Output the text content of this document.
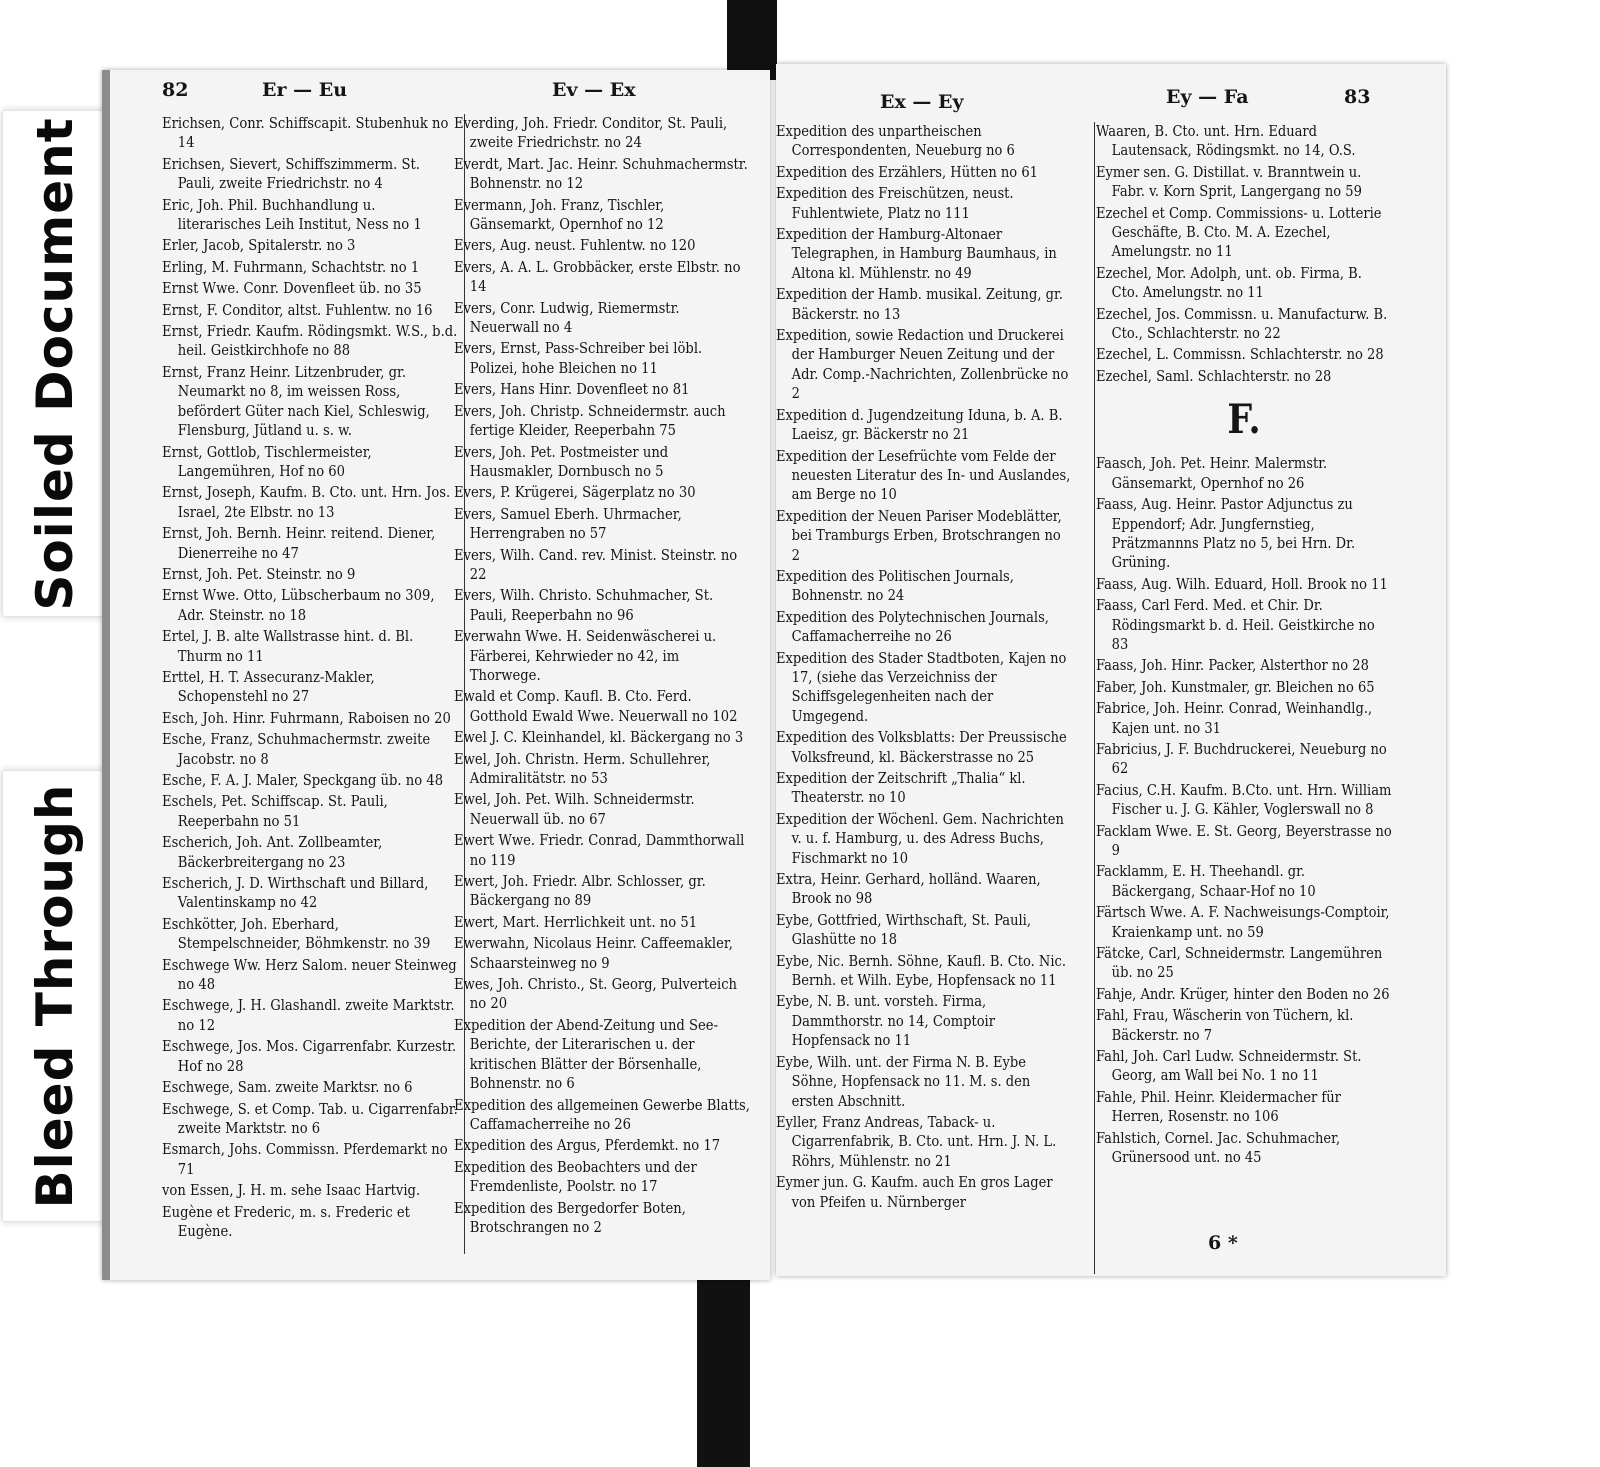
Soiled Document
Bleed Through
82	Er — Eu	Ev — Ex
Erichsen, Conr. Schiffscapit. Stubenhuk no 14
Erichsen, Sievert, Schiffszimmerm. St. Pauli, zweite Friedrichstr. no 4
Eric, Joh. Phil. Buchhandlung u. literarisches Leih Institut, Ness no 1
Erler, Jacob, Spitalerstr. no 3
Erling, M. Fuhrmann, Schachtstr. no 1
Ernst Wwe. Conr. Dovenfleet üb. no 35
Ernst, F. Conditor, altst. Fuhlentw. no 16
Ernst, Friedr. Kaufm. Rödingsmkt. W.S., b.d. heil. Geistkirchhofe no 88
Ernst, Franz Heinr. Litzenbruder, gr. Neumarkt no 8, im weissen Ross, befördert Güter nach Kiel, Schleswig, Flensburg, Jütland u. s. w.
Ernst, Gottlob, Tischlermeister, Langemühren, Hof no 60
Ernst, Joseph, Kaufm. B. Cto. unt. Hrn. Jos. Israel, 2te Elbstr. no 13
Ernst, Joh. Bernh. Heinr. reitend. Diener, Dienerreihe no 47
Ernst, Joh. Pet. Steinstr. no 9
Ernst Wwe. Otto, Lübscherbaum no 309, Adr. Steinstr. no 18
Ertel, J. B. alte Wallstrasse hint. d. Bl. Thurm no 11
Erttel, H. T. Assecuranz-Makler, Schopenstehl no 27
Esch, Joh. Hinr. Fuhrmann, Raboisen no 20
Esche, Franz, Schuhmachermstr. zweite Jacobstr. no 8
Esche, F. A. J. Maler, Speckgang üb. no 48
Eschels, Pet. Schiffscap. St. Pauli, Reeperbahn no 51
Escherich, Joh. Ant. Zollbeamter, Bäckerbreitergang no 23
Escherich, J. D. Wirthschaft und Billard, Valentinskamp no 42
Eschkötter, Joh. Eberhard, Stempelschneider, Böhmkenstr. no 39
Eschwege Ww. Herz Salom. neuer Steinweg no 48
Eschwege, J. H. Glashandl. zweite Marktstr. no 12
Eschwege, Jos. Mos. Cigarrenfabr. Kurzestr. Hof no 28
Eschwege, Sam. zweite Marktsr. no 6
Eschwege, S. et Comp. Tab. u. Cigarrenfabr. zweite Marktstr. no 6
Esmarch, Johs. Commissn. Pferdemarkt no 71
von Essen, J. H. m. sehe Isaac Hartvig.
Eugène et Frederic, m. s. Frederic et Eugène.
Everding, Joh. Friedr. Conditor, St. Pauli, zweite Friedrichstr. no 24
Everdt, Mart. Jac. Heinr. Schuhmachermstr. Bohnenstr. no 12
Evermann, Joh. Franz, Tischler, Gänsemarkt, Opernhof no 12
Evers, Aug. neust. Fuhlentw. no 120
Evers, A. A. L. Grobbäcker, erste Elbstr. no 14
Evers, Conr. Ludwig, Riemermstr. Neuerwall no 4
Evers, Ernst, Pass-Schreiber bei löbl. Polizei, hohe Bleichen no 11
Evers, Hans Hinr. Dovenfleet no 81
Evers, Joh. Christp. Schneidermstr. auch fertige Kleider, Reeperbahn 75
Evers, Joh. Pet. Postmeister und Hausmakler, Dornbusch no 5
Evers, P. Krügerei, Sägerplatz no 30
Evers, Samuel Eberh. Uhrmacher, Herrengraben no 57
Evers, Wilh. Cand. rev. Minist. Steinstr. no 22
Evers, Wilh. Christo. Schuhmacher, St. Pauli, Reeperbahn no 96
Everwahn Wwe. H. Seidenwäscherei u. Färberei, Kehrwieder no 42, im Thorwege.
Ewald et Comp. Kaufl. B. Cto. Ferd. Gotthold Ewald Wwe. Neuerwall no 102
Ewel J. C. Kleinhandel, kl. Bäckergang no 3
Ewel, Joh. Christn. Herm. Schullehrer, Admiralitätstr. no 53
Ewel, Joh. Pet. Wilh. Schneidermstr. Neuerwall üb. no 67
Ewert Wwe. Friedr. Conrad, Dammthorwall no 119
Ewert, Joh. Friedr. Albr. Schlosser, gr. Bäckergang no 89
Ewert, Mart. Herrlichkeit unt. no 51
Ewerwahn, Nicolaus Heinr. Caffeemakler, Schaarsteinweg no 9
Ewes, Joh. Christo., St. Georg, Pulverteich no 20
Expedition der Abend-Zeitung und See-Berichte, der Literarischen u. der kritischen Blätter der Börsenhalle, Bohnenstr. no 6
Expedition des allgemeinen Gewerbe Blatts, Caffamacherreihe no 26
Expedition des Argus, Pferdemkt. no 17
Expedition des Beobachters und der Fremdenliste, Poolstr. no 17
Expedition des Bergedorfer Boten, Brotschrangen no 2
Ex — Ey	Ey — Fa	83
Expedition des unpartheischen Correspondenten, Neueburg no 6
Expedition des Erzählers, Hütten no 61
Expedition des Freischützen, neust. Fuhlentwiete, Platz no 111
Expedition der Hamburg-Altonaer Telegraphen, in Hamburg Baumhaus, in Altona kl. Mühlenstr. no 49
Expedition der Hamb. musikal. Zeitung, gr. Bäckerstr. no 13
Expedition, sowie Redaction und Druckerei der Hamburger Neuen Zeitung und der Adr. Comp.-Nachrichten, Zollenbrücke no 2
Expedition d. Jugendzeitung Iduna, b. A. B. Laeisz, gr. Bäckerstr no 21
Expedition der Lesefrüchte vom Felde der neuesten Literatur des In- und Auslandes, am Berge no 10
Expedition der Neuen Pariser Modeblätter, bei Tramburgs Erben, Brotschrangen no 2
Expedition des Politischen Journals, Bohnenstr. no 24
Expedition des Polytechnischen Journals, Caffamacherreihe no 26
Expedition des Stader Stadtboten, Kajen no 17, (siehe das Verzeichniss der Schiffsgelegenheiten nach der Umgegend.
Expedition des Volksblatts: Der Preussische Volksfreund, kl. Bäckerstrasse no 25
Expedition der Zeitschrift „Thalia“ kl. Theaterstr. no 10
Expedition der Wöchenl. Gem. Nachrichten v. u. f. Hamburg, u. des Adress Buchs, Fischmarkt no 10
Extra, Heinr. Gerhard, holländ. Waaren, Brook no 98
Eybe, Gottfried, Wirthschaft, St. Pauli, Glashütte no 18
Eybe, Nic. Bernh. Söhne, Kaufl. B. Cto. Nic. Bernh. et Wilh. Eybe, Hopfensack no 11
Eybe, N. B. unt. vorsteh. Firma, Dammthorstr. no 14, Comptoir Hopfensack no 11
Eybe, Wilh. unt. der Firma N. B. Eybe Söhne, Hopfensack no 11. M. s. den ersten Abschnitt.
Eyller, Franz Andreas, Taback- u. Cigarrenfabrik, B. Cto. unt. Hrn. J. N. L. Röhrs, Mühlenstr. no 21
Eymer jun. G. Kaufm. auch En gros Lager von Pfeifen u. Nürnberger
Waaren, B. Cto. unt. Hrn. Eduard Lautensack, Rödingsmkt. no 14, O.S.
Eymer sen. G. Distillat. v. Branntwein u. Fabr. v. Korn Sprit, Langergang no 59
Ezechel et Comp. Commissions- u. Lotterie Geschäfte, B. Cto. M. A. Ezechel, Amelungstr. no 11
Ezechel, Mor. Adolph, unt. ob. Firma, B. Cto. Amelungstr. no 11
Ezechel, Jos. Commissn. u. Manufacturw. B. Cto., Schlachterstr. no 22
Ezechel, L. Commissn. Schlachterstr. no 28
Ezechel, Saml. Schlachterstr. no 28
F.
Faasch, Joh. Pet. Heinr. Malermstr. Gänsemarkt, Opernhof no 26
Faass, Aug. Heinr. Pastor Adjunctus zu Eppendorf; Adr. Jungfernstieg, Prätzmannns Platz no 5, bei Hrn. Dr. Grüning.
Faass, Aug. Wilh. Eduard, Holl. Brook no 11
Faass, Carl Ferd. Med. et Chir. Dr. Rödingsmarkt b. d. Heil. Geistkirche no 83
Faass, Joh. Hinr. Packer, Alsterthor no 28
Faber, Joh. Kunstmaler, gr. Bleichen no 65
Fabrice, Joh. Heinr. Conrad, Weinhandlg., Kajen unt. no 31
Fabricius, J. F. Buchdruckerei, Neueburg no 62
Facius, C.H. Kaufm. B.Cto. unt. Hrn. William Fischer u. J. G. Kähler, Voglerswall no 8
Facklam Wwe. E. St. Georg, Beyerstrasse no 9
Facklamm, E. H. Theehandl. gr. Bäckergang, Schaar-Hof no 10
Färtsch Wwe. A. F. Nachweisungs-Comptoir, Kraienkamp unt. no 59
Fätcke, Carl, Schneidermstr. Langemühren üb. no 25
Fahje, Andr. Krüger, hinter den Boden no 26
Fahl, Frau, Wäscherin von Tüchern, kl. Bäckerstr. no 7
Fahl, Joh. Carl Ludw. Schneidermstr. St. Georg, am Wall bei No. 1 no 11
Fahle, Phil. Heinr. Kleidermacher für Herren, Rosenstr. no 106
Fahlstich, Cornel. Jac. Schuhmacher, Grünersood unt. no 45
6 *
